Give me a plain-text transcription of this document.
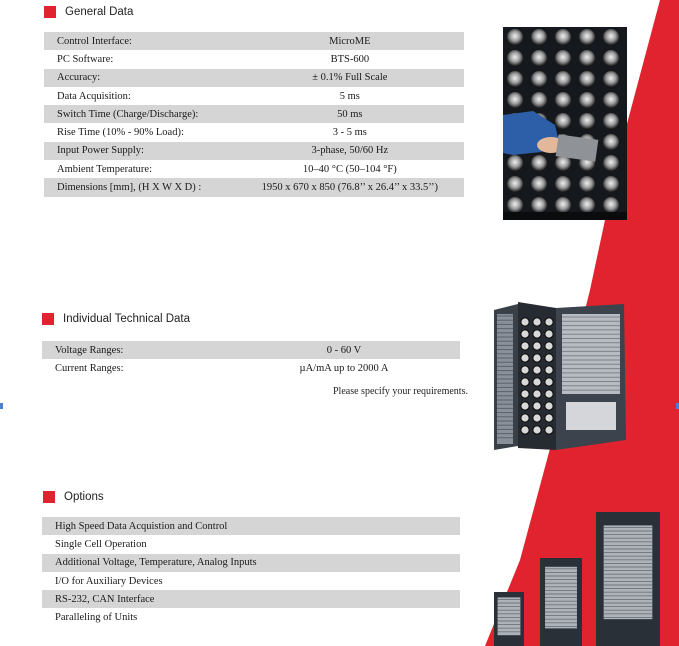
General Data
Control Interface:	MicroME
PC Software:	BTS-600
Accuracy:	± 0.1% Full Scale
Data Acquisition:	5 ms
Switch Time (Charge/Discharge):	50 ms
Rise Time (10% - 90% Load):	3 - 5 ms
Input Power Supply:	3-phase, 50/60 Hz
Ambient Temperature:	10–40 °C (50–104 °F)
Dimensions [mm], (H X W X D) :	1950 x 670 x 850 (76.8’’ x 26.4’’ x 33.5’’)
Individual Technical Data
Voltage Ranges:	0 - 60 V
Current Ranges:	µA/mA up to 2000 A
Please specify your requirements.
Options
High Speed Data Acquistion and Control
Single Cell Operation
Additional Voltage, Temperature, Analog Inputs
I/O for Auxiliary Devices
RS-232, CAN Interface
Paralleling of Units
